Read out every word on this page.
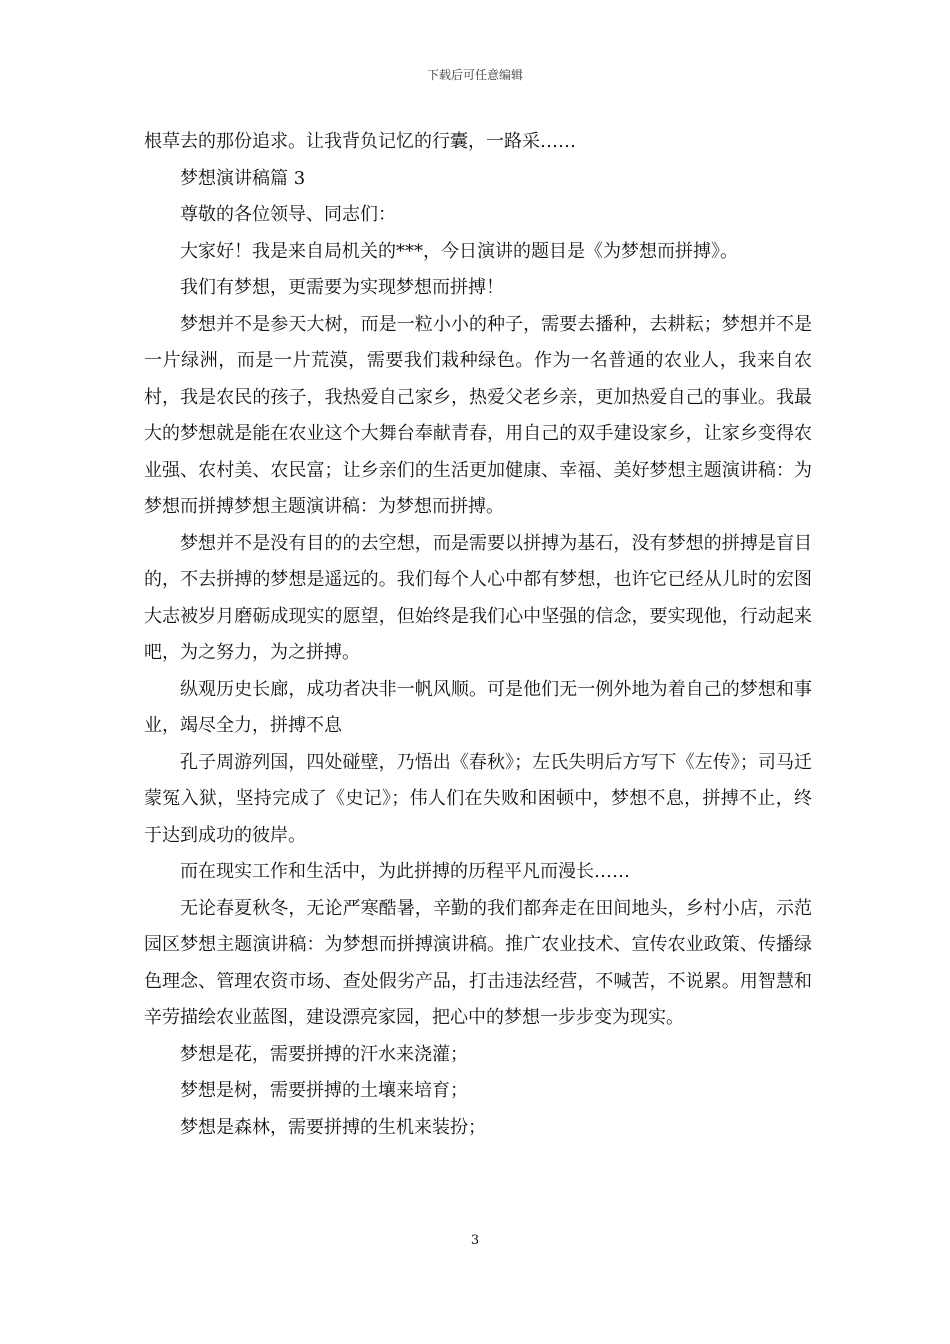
下载后可任意编辑

根草去的那份追求。让我背负记忆的行囊，一路采……

梦想演讲稿篇 3

尊敬的各位领导、同志们：

大家好！我是来自局机关的***，今日演讲的题目是《为梦想而拼搏》。

我们有梦想，更需要为实现梦想而拼搏！

梦想并不是参天大树，而是一粒小小的种子，需要去播种，去耕耘；梦想并不是一片绿洲，而是一片荒漠，需要我们栽种绿色。作为一名普通的农业人，我来自农村，我是农民的孩子，我热爱自己家乡，热爱父老乡亲，更加热爱自己的事业。我最大的梦想就是能在农业这个大舞台奉献青春，用自己的双手建设家乡，让家乡变得农业强、农村美、农民富；让乡亲们的生活更加健康、幸福、美好梦想主题演讲稿：为梦想而拼搏梦想主题演讲稿：为梦想而拼搏。

梦想并不是没有目的的去空想，而是需要以拼搏为基石，没有梦想的拼搏是盲目的，不去拼搏的梦想是遥远的。我们每个人心中都有梦想，也许它已经从儿时的宏图大志被岁月磨砺成现实的愿望，但始终是我们心中坚强的信念，要实现他，行动起来吧，为之努力，为之拼搏。

纵观历史长廊，成功者决非一帆风顺。可是他们无一例外地为着自己的梦想和事业，竭尽全力，拼搏不息

孔子周游列国，四处碰壁，乃悟出《春秋》；左氏失明后方写下《左传》；司马迁蒙冤入狱，坚持完成了《史记》；伟人们在失败和困顿中，梦想不息，拼搏不止，终于达到成功的彼岸。

而在现实工作和生活中，为此拼搏的历程平凡而漫长……

无论春夏秋冬，无论严寒酷暑，辛勤的我们都奔走在田间地头，乡村小店，示范园区梦想主题演讲稿：为梦想而拼搏演讲稿。推广农业技术、宣传农业政策、传播绿色理念、管理农资市场、查处假劣产品，打击违法经营，不喊苦，不说累。用智慧和辛劳描绘农业蓝图，建设漂亮家园，把心中的梦想一步步变为现实。

梦想是花，需要拼搏的汗水来浇灌；

梦想是树，需要拼搏的土壤来培育；

梦想是森林，需要拼搏的生机来装扮；

3
